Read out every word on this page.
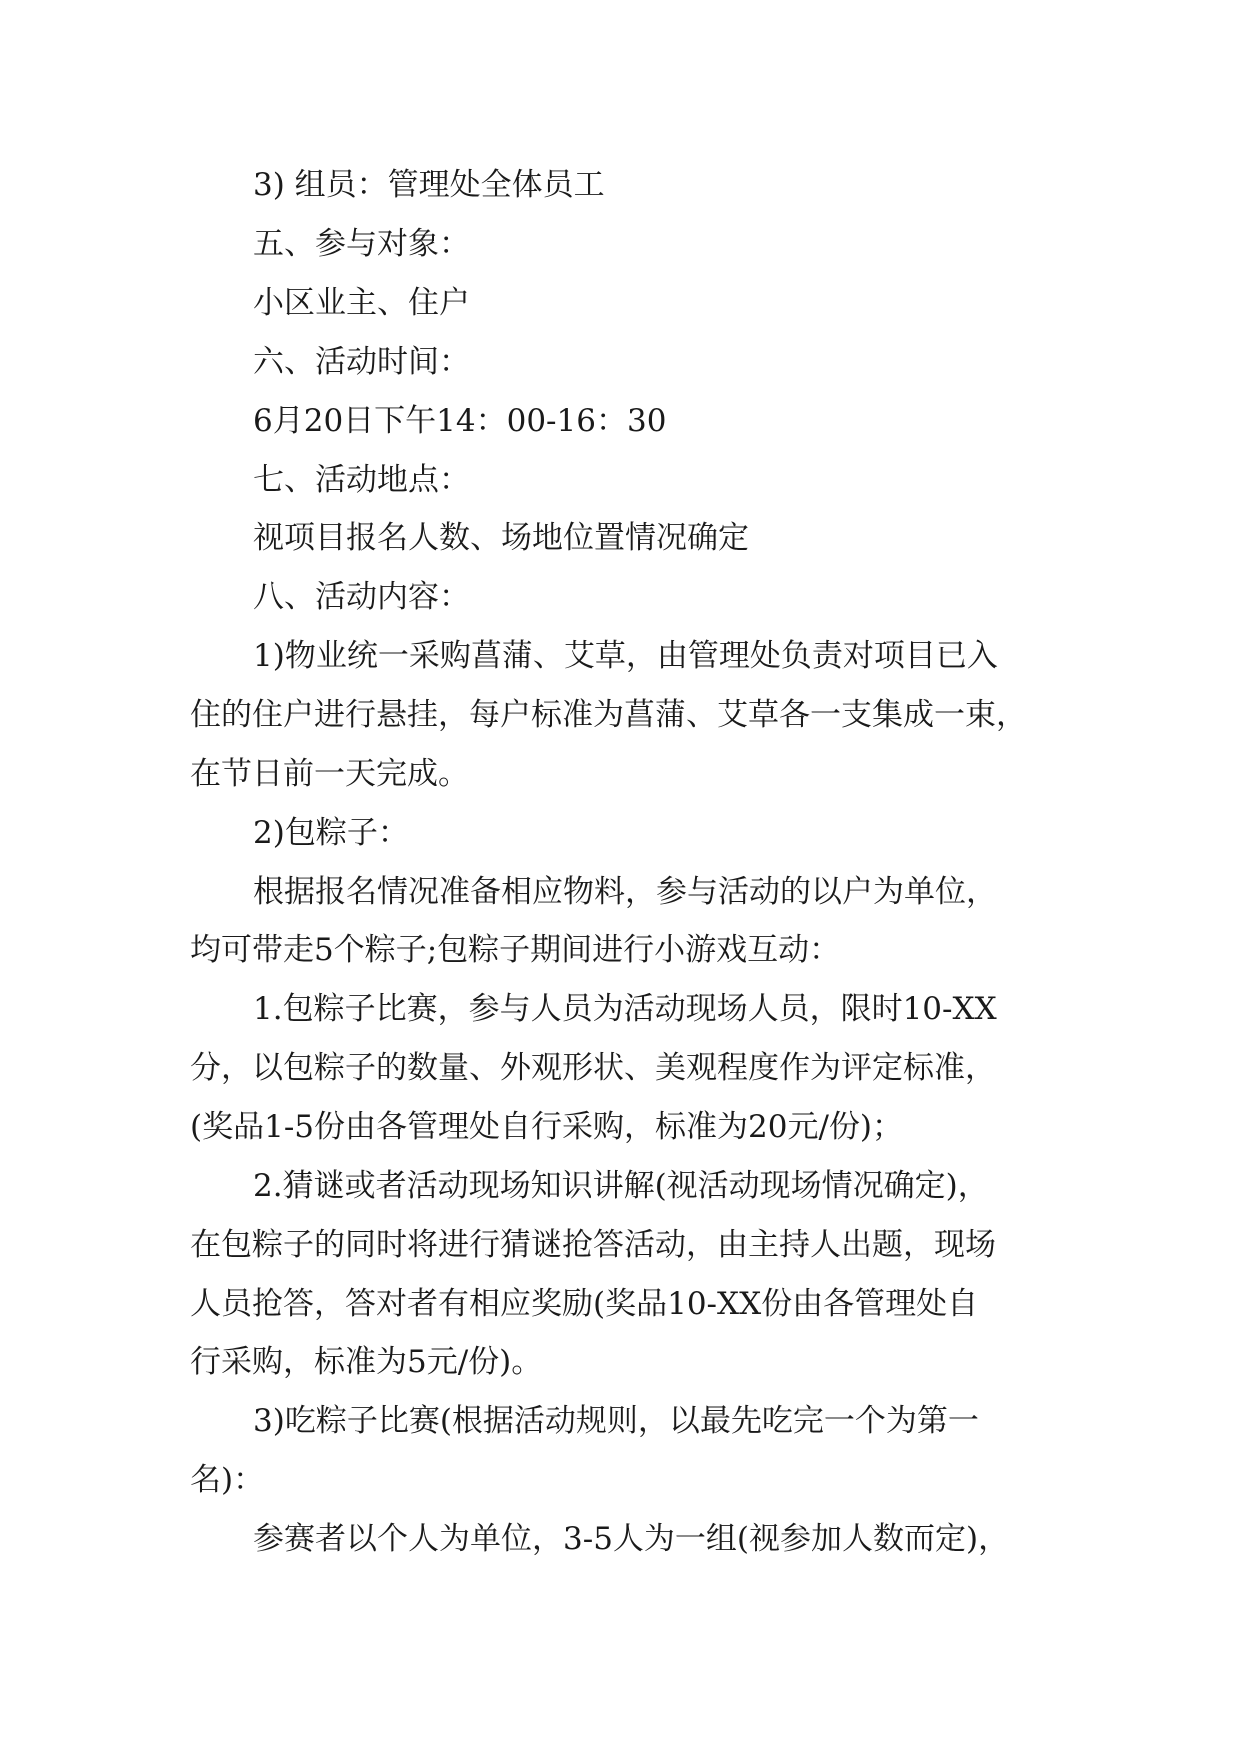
3) 组员：管理处全体员工
五、参与对象：
小区业主、住户
六、活动时间：
6月20日下午14：00-16：30
七、活动地点：
视项目报名人数、场地位置情况确定
八、活动内容：
1)物业统一采购菖蒲、艾草，由管理处负责对项目已入
住的住户进行悬挂，每户标准为菖蒲、艾草各一支集成一束，
在节日前一天完成。
2)包粽子：
根据报名情况准备相应物料，参与活动的以户为单位，
均可带走5个粽子;包粽子期间进行小游戏互动：
1.包粽子比赛，参与人员为活动现场人员，限时10-XX
分，以包粽子的数量、外观形状、美观程度作为评定标准，
(奖品1-5份由各管理处自行采购，标准为20元/份)；
2.猜谜或者活动现场知识讲解(视活动现场情况确定)，
在包粽子的同时将进行猜谜抢答活动，由主持人出题，现场
人员抢答，答对者有相应奖励(奖品10-XX份由各管理处自
行采购，标准为5元/份)。
3)吃粽子比赛(根据活动规则，以最先吃完一个为第一
名)：
参赛者以个人为单位，3-5人为一组(视参加人数而定)，
